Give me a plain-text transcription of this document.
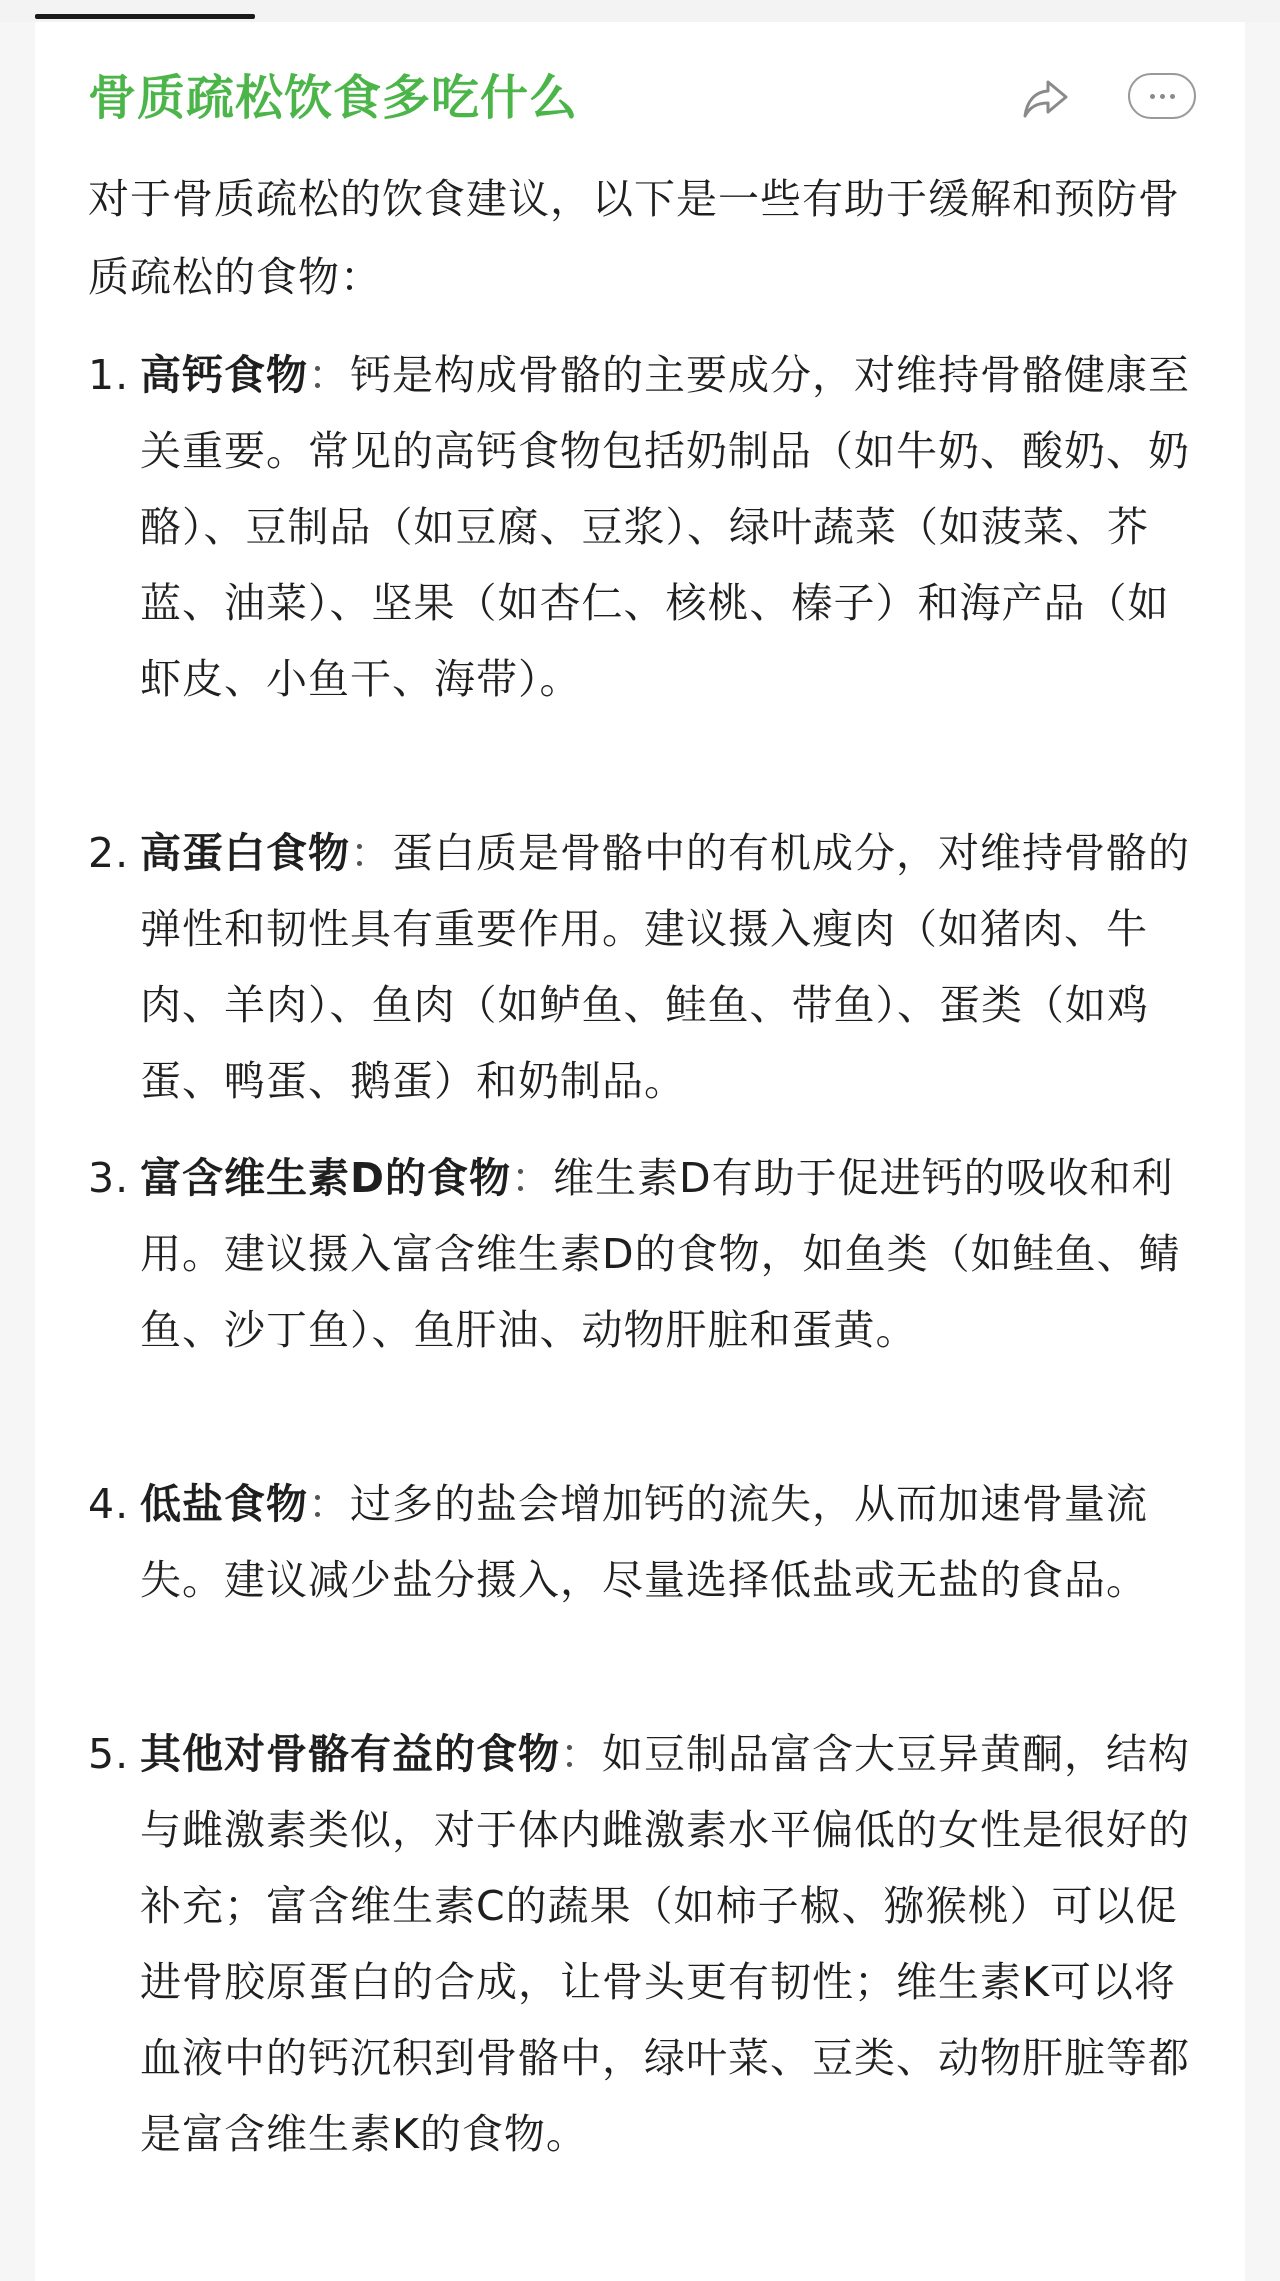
骨质疏松饮食多吃什么
对于骨质疏松的饮食建议，以下是一些有助于缓解和预防骨质疏松的食物：
1. 高钙食物：钙是构成骨骼的主要成分，对维持骨骼健康至关重要。常见的高钙食物包括奶制品（如牛奶、酸奶、奶酪）、豆制品（如豆腐、豆浆）、绿叶蔬菜（如菠菜、芥蓝、油菜）、坚果（如杏仁、核桃、榛子）和海产品（如虾皮、小鱼干、海带）。
2. 高蛋白食物：蛋白质是骨骼中的有机成分，对维持骨骼的弹性和韧性具有重要作用。建议摄入瘦肉（如猪肉、牛肉、羊肉）、鱼肉（如鲈鱼、鲑鱼、带鱼）、蛋类（如鸡蛋、鸭蛋、鹅蛋）和奶制品。
3. 富含维生素D的食物：维生素D有助于促进钙的吸收和利用。建议摄入富含维生素D的食物，如鱼类（如鲑鱼、鲭鱼、沙丁鱼）、鱼肝油、动物肝脏和蛋黄。
4. 低盐食物：过多的盐会增加钙的流失，从而加速骨量流失。建议减少盐分摄入，尽量选择低盐或无盐的食品。
5. 其他对骨骼有益的食物：如豆制品富含大豆异黄酮，结构与雌激素类似，对于体内雌激素水平偏低的女性是很好的补充；富含维生素C的蔬果（如柿子椒、猕猴桃）可以促进骨胶原蛋白的合成，让骨头更有韧性；维生素K可以将血液中的钙沉积到骨骼中，绿叶菜、豆类、动物肝脏等都是富含维生素K的食物。
